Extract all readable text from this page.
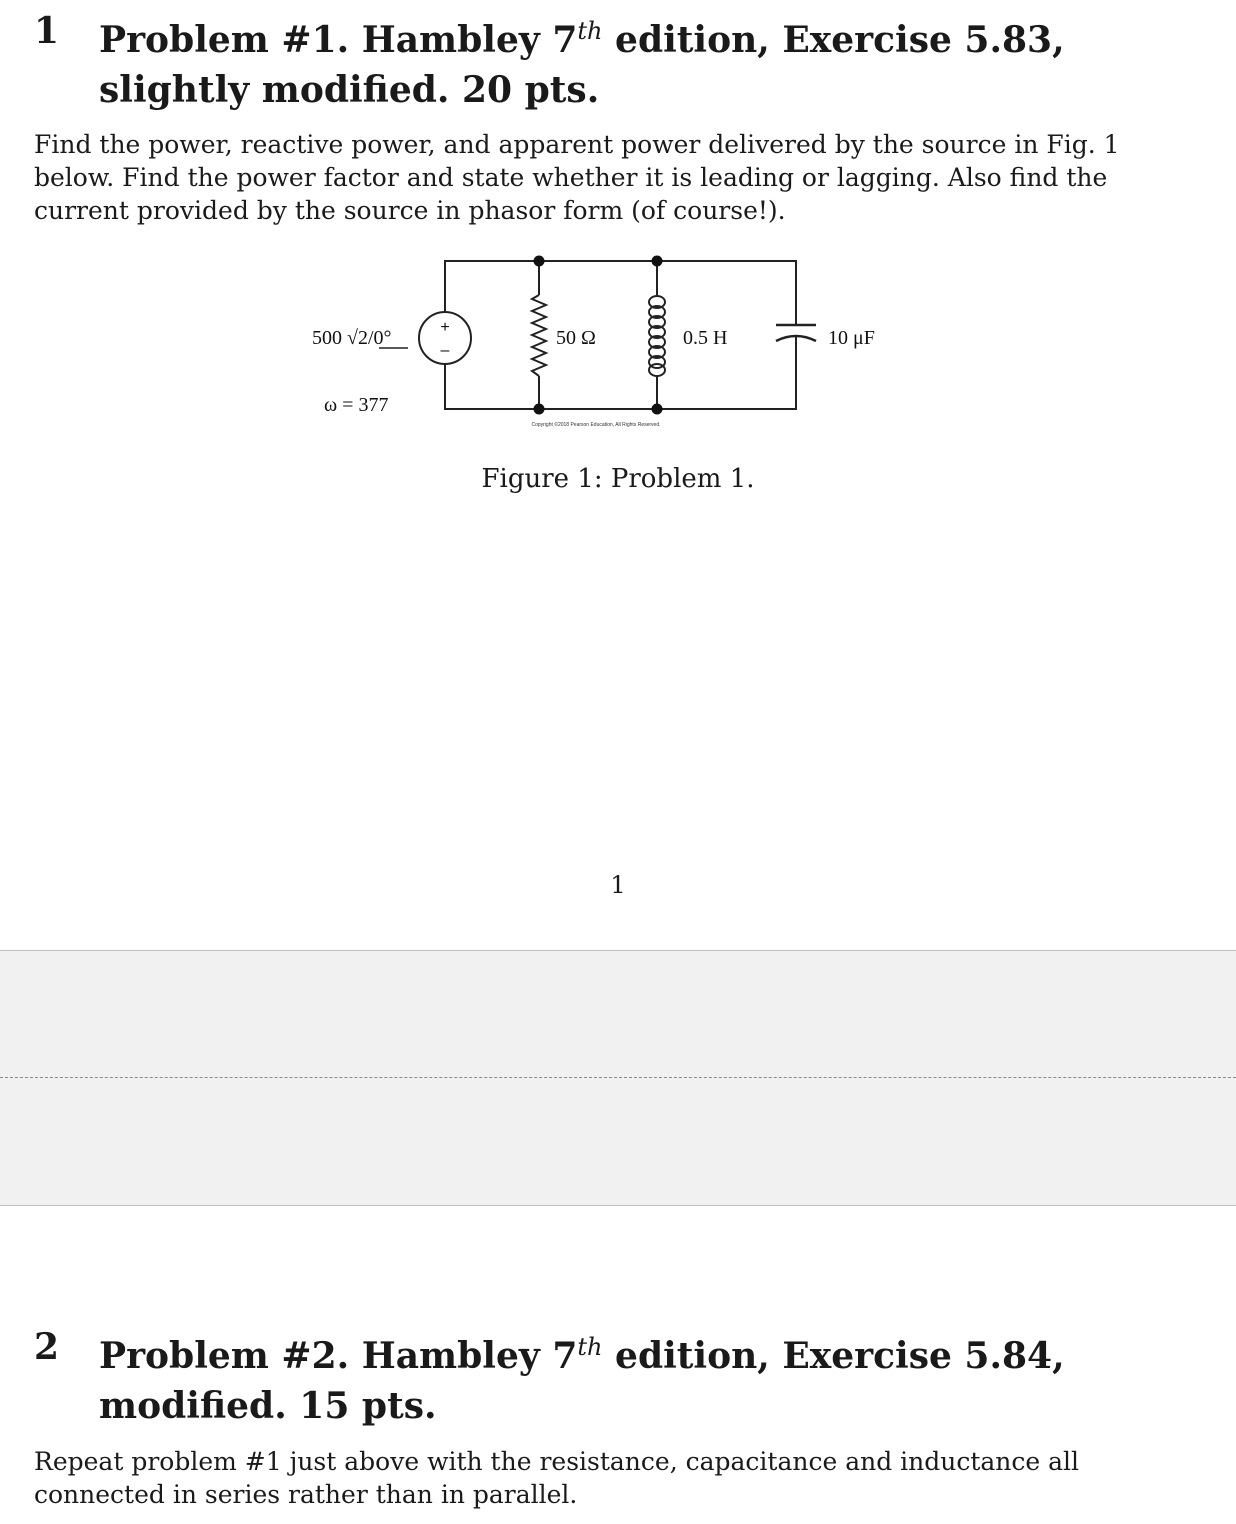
1 Problem #1. Hambley 7th edition, Exercise 5.83, slightly modified. 20 pts.
Find the power, reactive power, and apparent power delivered by the source in Fig. 1 below. Find the power factor and state whether it is leading or lagging. Also find the current provided by the source in phasor form (of course!).
+
–
500 √2/0°
ω = 377
50 Ω	0.5 H	10 μF
Copyright ©2018 Pearson Education, All Rights Reserved.
Figure 1: Problem 1.
1
2 Problem #2. Hambley 7th edition, Exercise 5.84, modified. 15 pts.
Repeat problem #1 just above with the resistance, capacitance and inductance all connected in series rather than in parallel.
